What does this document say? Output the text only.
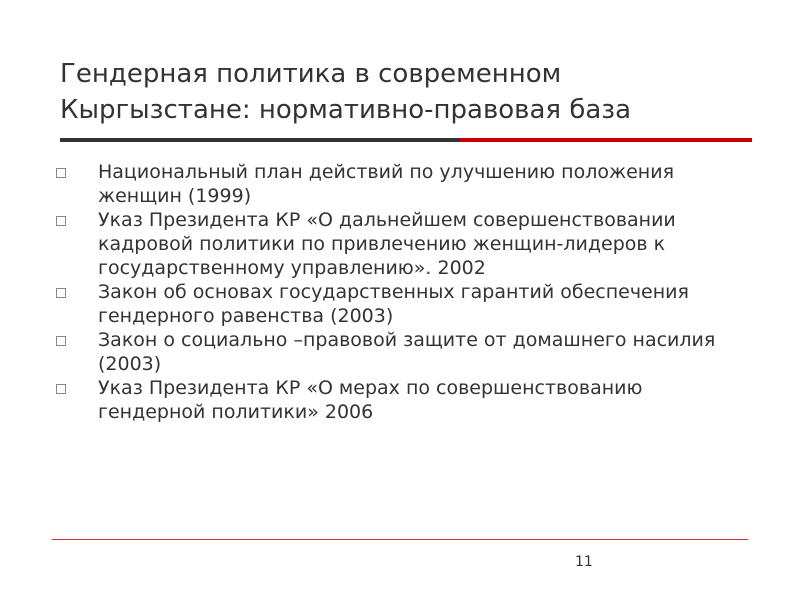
Гендерная политика в современном
Кыргызстане: нормативно-правовая база
Национальный план действий по улучшению положения женщин (1999)
Указ Президента КР «О дальнейшем совершенствовании кадровой политики по привлечению женщин-лидеров к государственному управлению». 2002
Закон об основах государственных гарантий обеспечения гендерного равенства (2003)
Закон о социально –правовой защите от домашнего насилия (2003)
Указ Президента КР «О мерах по совершенствованию гендерной политики» 2006
11
